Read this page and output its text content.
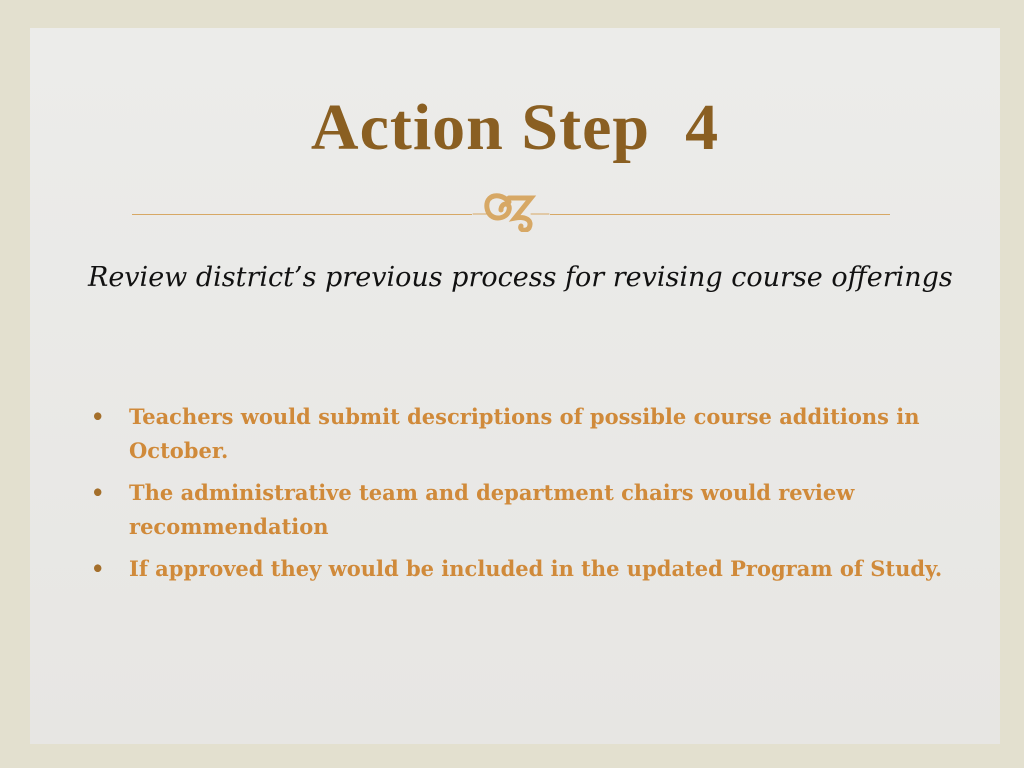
Action Step  4
Review district’s previous process for revising course offerings
• Teachers would submit descriptions of possible course additions in October.
• The administrative team and department chairs would review recommendation
• If approved they would be included in the updated Program of Study.
